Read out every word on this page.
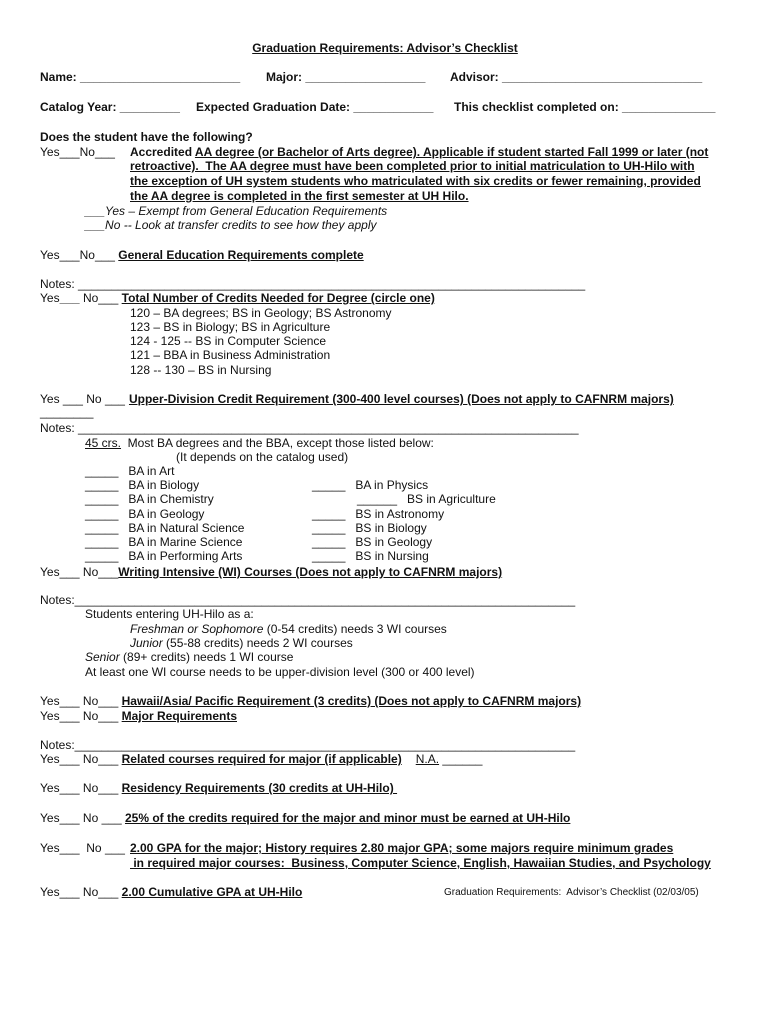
Graduation Requirements: Advisor’s Checklist
Name: ________________________ Major: __________________ Advisor: ______________________________
Catalog Year: _________ Expected Graduation Date: ____________ This checklist completed on: ______________
Does the student have the following?
Yes___No___ Accredited AA degree (or Bachelor of Arts degree). Applicable if student started Fall 1999 or later (not
retroactive).  The AA degree must have been completed prior to initial matriculation to UH-Hilo with
the exception of UH system students who matriculated with six credits or fewer remaining, provided
the AA degree is completed in the first semester at UH Hilo.
___Yes – Exempt from General Education Requirements
___No -- Look at transfer credits to see how they apply
Yes___No___ General Education Requirements complete
Notes: ____________________________________________________________________________
Yes___ No___ Total Number of Credits Needed for Degree (circle one)
120 – BA degrees; BS in Geology; BS Astronomy
123 – BS in Biology; BS in Agriculture
124 - 125 -- BS in Computer Science
121 – BBA in Business Administration
128 -- 130 – BS in Nursing
Yes ___ No ___ Upper-Division Credit Requirement (300-400 level courses) (Does not apply to CAFNRM majors)
________
Notes: ___________________________________________________________________________
45 crs.  Most BA degrees and the BBA, except those listed below:
(It depends on the catalog used)
_____   BA in Art
_____   BA in Biology
_____   BA in Chemistry
_____   BA in Geology
_____   BA in Natural Science
_____   BA in Marine Science
_____   BA in Performing Arts
_____   BA in Physics
______   BS in Agriculture
_____   BS in Astronomy
_____   BS in Biology
_____   BS in Geology
_____   BS in Nursing
Yes___ No___Writing Intensive (WI) Courses (Does not apply to CAFNRM majors)
Notes:___________________________________________________________________________
Students entering UH-Hilo as a:
Freshman or Sophomore (0-54 credits) needs 3 WI courses
Junior (55-88 credits) needs 2 WI courses
Senior (89+ credits) needs 1 WI course
At least one WI course needs to be upper-division level (300 or 400 level)
Yes___ No___ Hawaii/Asia/ Pacific Requirement (3 credits) (Does not apply to CAFNRM majors)
Yes___ No___ Major Requirements
Notes:___________________________________________________________________________
Yes___ No___ Related courses required for major (if applicable) N.A. ______
Yes___ No___ Residency Requirements (30 credits at UH-Hilo)
Yes___ No ___ 25% of the credits required for the major and minor must be earned at UH-Hilo
Yes___  No ___ 2.00 GPA for the major; History requires 2.80 major GPA; some majors require minimum grades
in required major courses:  Business, Computer Science, English, Hawaiian Studies, and Psychology
Yes___ No___ 2.00 Cumulative GPA at UH-Hilo	Graduation Requirements:  Advisor’s Checklist (02/03/05)
